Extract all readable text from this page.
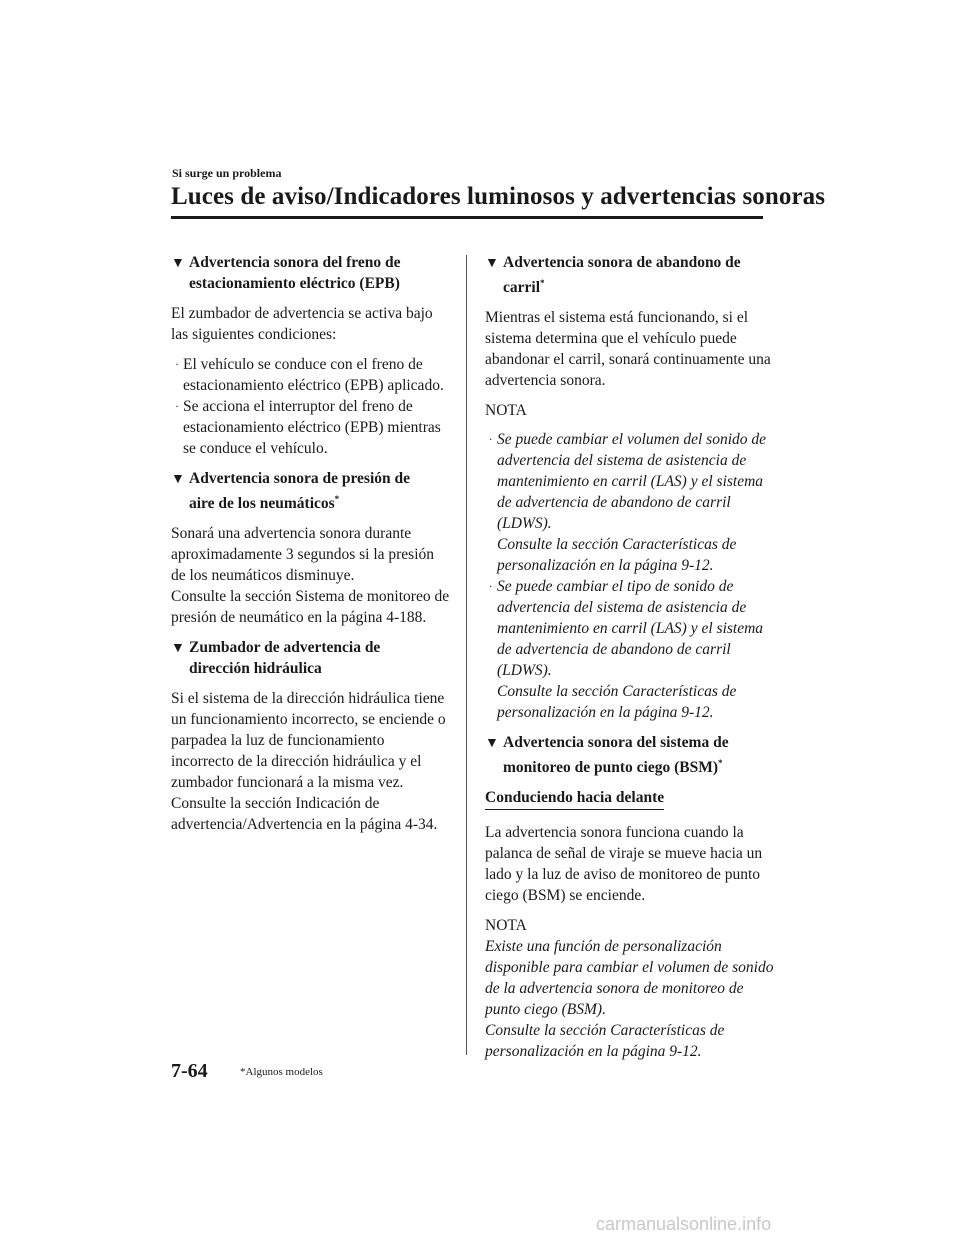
Si surge un problema
Luces de aviso/Indicadores luminosos y advertencias sonoras
▼ Advertencia sonora del freno de
estacionamiento eléctrico (EPB)

El zumbador de advertencia se activa bajo las siguientes condiciones:

· El vehículo se conduce con el freno de estacionamiento eléctrico (EPB) aplicado.
· Se acciona el interruptor del freno de estacionamiento eléctrico (EPB) mientras se conduce el vehículo.
▼ Advertencia sonora de presión de
aire de los neumáticos*

Sonará una advertencia sonora durante aproximadamente 3 segundos si la presión de los neumáticos disminuye.
Consulte la sección Sistema de monitoreo de presión de neumático en la página 4-188.

▼ Zumbador de advertencia de
dirección hidráulica

Si el sistema de la dirección hidráulica tiene un funcionamiento incorrecto, se enciende o parpadea la luz de funcionamiento incorrecto de la dirección hidráulica y el zumbador funcionará a la misma vez.
Consulte la sección Indicación de advertencia/Advertencia en la página 4-34.

▼ Advertencia sonora de abandono de
carril*

Mientras el sistema está funcionando, si el sistema determina que el vehículo puede abandonar el carril, sonará continuamente una advertencia sonora.

NOTA

· Se puede cambiar el volumen del sonido de advertencia del sistema de asistencia de mantenimiento en carril (LAS) y el sistema de advertencia de abandono de carril (LDWS).
Consulte la sección Características de personalización en la página 9-12.
· Se puede cambiar el tipo de sonido de advertencia del sistema de asistencia de mantenimiento en carril (LAS) y el sistema de advertencia de abandono de carril (LDWS).
Consulte la sección Características de personalización en la página 9-12.
▼ Advertencia sonora del sistema de
monitoreo de punto ciego (BSM)*
Conduciendo hacia delante

La advertencia sonora funciona cuando la palanca de señal de viraje se mueve hacia un lado y la luz de aviso de monitoreo de punto ciego (BSM) se enciende.

NOTA

Existe una función de personalización disponible para cambiar el volumen de sonido de la advertencia sonora de monitoreo de punto ciego (BSM).
Consulte la sección Características de personalización en la página 9-12.

7-64	*Algunos modelos
carmanualsonline.info
